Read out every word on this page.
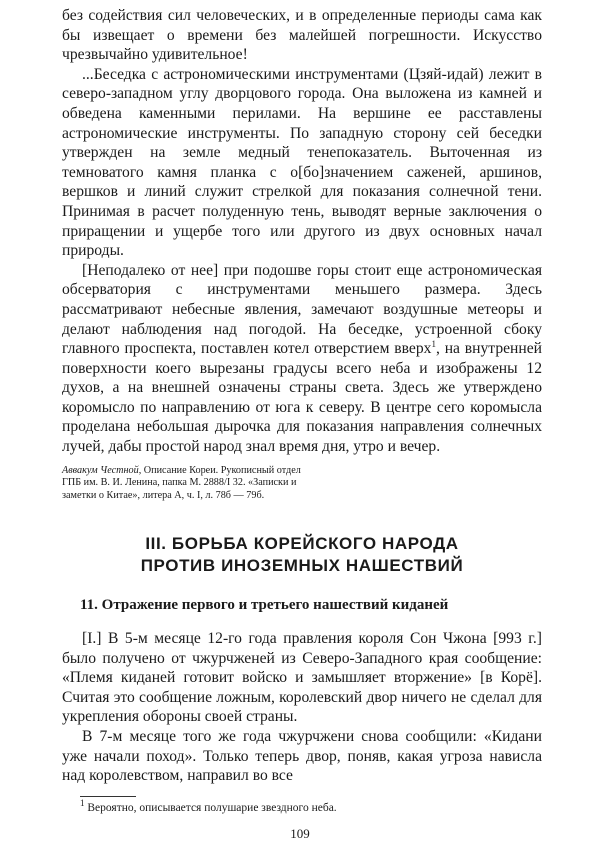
без содействия сил человеческих, и в определенные периоды сама как бы извещает о времени без малейшей погрешности. Искусство чрезвычайно удивительное!

...Беседка с астрономическими инструментами (Цзяй-идай) лежит в северо-западном углу дворцового города. Она выложена из камней и обведена каменными перилами. На вершине ее расставлены астрономические инструменты. По западную сторону сей беседки утвержден на земле медный тенепоказатель. Выточенная из темноватого камня планка с о[бо]значением саженей, аршинов, вершков и линий служит стрелкой для показания солнечной тени. Принимая в расчет полуденную тень, выводят верные заключения о приращении и ущербе того или другого из двух основных начал природы.

[Неподалеко от нее] при подошве горы стоит еще астрономическая обсерватория с инструментами меньшего размера. Здесь рассматривают небесные явления, замечают воздушные метеоры и делают наблюдения над погодой. На беседке, устроенной сбоку главного проспекта, поставлен котел отверстием вверх$^1$, на внутренней поверхности коего вырезаны градусы всего неба и изображены 12 духов, а на внешней означены страны света. Здесь же утверждено коромысло по направлению от юга к северу. В центре сего коромысла проделана небольшая дырочка для показания направления солнечных лучей, дабы простой народ знал время дня, утро и вечер.

Аввакум Честной, Описание Кореи. Рукописный отдел ГПБ им. В. И. Ленина, папка М. 2888/I 32. «Записки и заметки о Китае», литера А, ч. I, л. 78б — 79б.

III. БОРЬБА КОРЕЙСКОГО НАРОДА
ПРОТИВ ИНОЗЕМНЫХ НАШЕСТВИЙ
11. Отражение первого и третьего нашествий киданей

[I.] В 5-м месяце 12-го года правления короля Сон Чжона [993 г.] было получено от чжурчженей из Северо-Западного края сообщение: «Племя киданей готовит войско и замышляет вторжение» [в Корё]. Считая это сообщение ложным, королевский двор ничего не сделал для укрепления обороны своей страны.

В 7-м месяце того же года чжурчжени снова сообщили: «Кидани уже начали поход». Только теперь двор, поняв, какая угроза нависла над королевством, направил во все

$^1$ Вероятно, описывается полушарие звездного неба.

109
